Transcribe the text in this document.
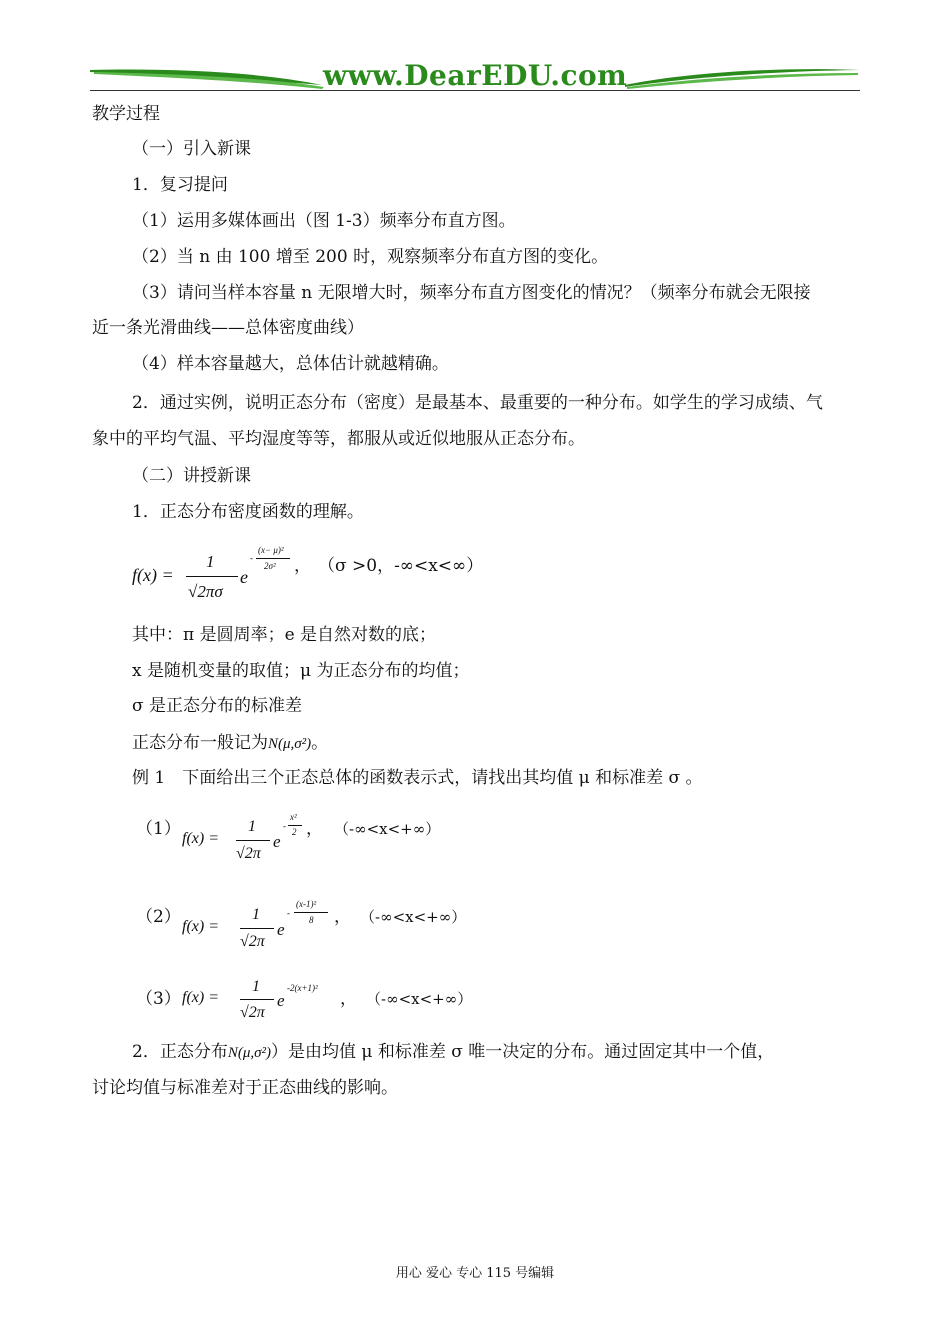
www.DearEDU.com
教学过程
（一）引入新课
1．复习提问
（1）运用多媒体画出（图 1-3）频率分布直方图。
（2）当 n 由 100 增至 200 时，观察频率分布直方图的变化。
（3）请问当样本容量 n 无限增大时，频率分布直方图变化的情况？（频率分布就会无限接
近一条光滑曲线——总体密度曲线）
（4）样本容量越大，总体估计就越精确。
2．通过实例，说明正态分布（密度）是最基本、最重要的一种分布。如学生的学习成绩、气
象中的平均气温、平均湿度等等，都服从或近似地服从正态分布。
（二）讲授新课
1．正态分布密度函数的理解。
f(x) =
1
√2πσ
e
-
(x− μ)²
2σ² ， （σ >0，-∞<x<∞）
其中：π 是圆周率；e 是自然对数的底；
x 是随机变量的取值；μ 为正态分布的均值；
σ 是正态分布的标准差
正态分布一般记为N(μ,σ²)。
例 1　下面给出三个正态总体的函数表示式，请找出其均值 μ 和标准差 σ 。
（1） f(x) =
1
√2π
e
-
x²
2 ， （-∞<x<+∞）
（2） f(x) =
1
√2π
e
-
(x-1)²
8 ， （-∞<x<+∞）
（3） f(x) =
1
√2π
e
-2(x+1)²
， （-∞<x<+∞）
2．正态分布N(μ,σ²)）是由均值 μ 和标准差 σ 唯一决定的分布。通过固定其中一个值，
讨论均值与标准差对于正态曲线的影响。
用心 爱心 专心 115 号编辑
